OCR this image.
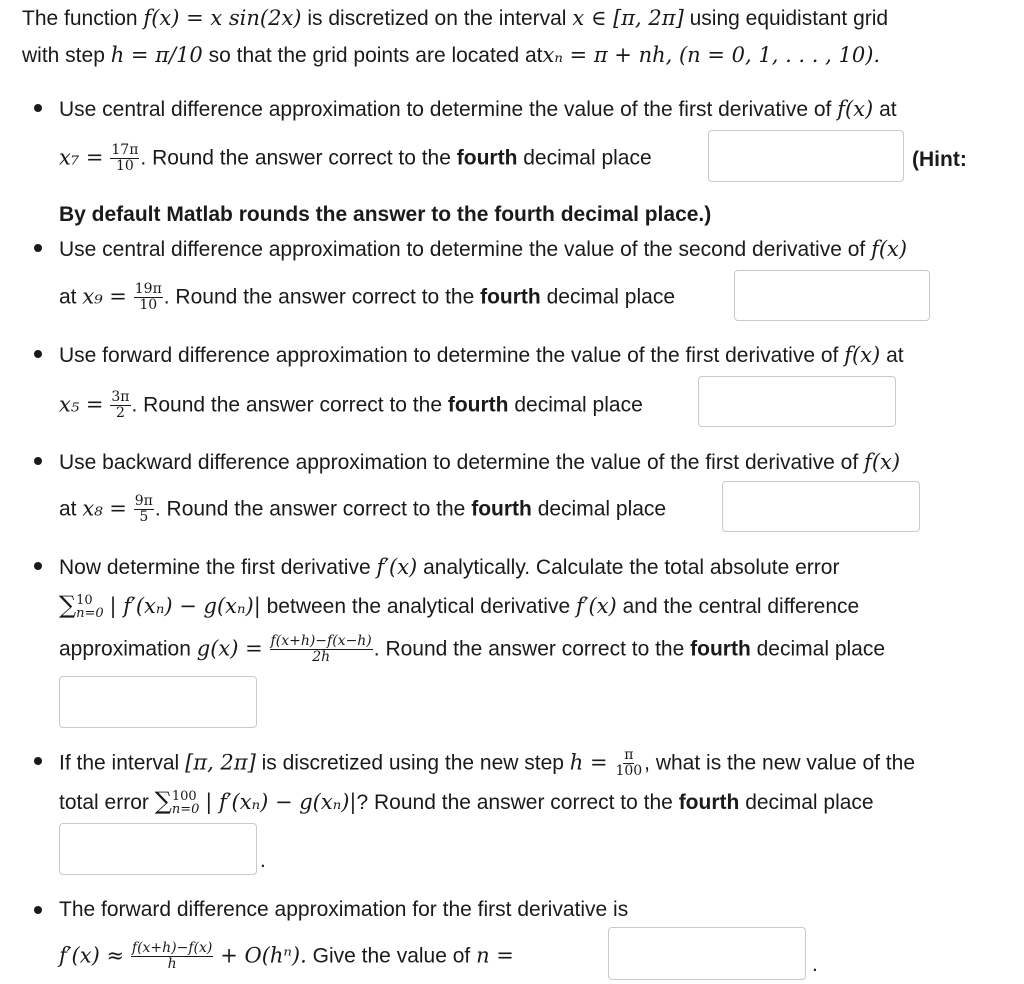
The function f(x) = x sin(2x) is discretized on the interval x ∈ [π, 2π] using equidistant grid
with step h = π/10 so that the grid points are located atxₙ = π + nh, (n = 0, 1, . . . , 10).
Use central difference approximation to determine the value of the first derivative of f(x) at
$x_7 = \frac{17\pi}{10}$ . Round the answer correct to the fourth decimal place	(Hint:
By default Matlab rounds the answer to the fourth decimal place.)
Use central difference approximation to determine the value of the second derivative of f(x)
at $x_9 = \frac{19\pi}{10}$ . Round the answer correct to the fourth decimal place
Use forward difference approximation to determine the value of the first derivative of f(x) at
$x_5 = \frac{3\pi}{2}$ . Round the answer correct to the fourth decimal place
Use backward difference approximation to determine the value of the first derivative of f(x)
at $x_8 = \frac{9\pi}{5}$ . Round the answer correct to the fourth decimal place
Now determine the first derivative f′(x) analytically. Calculate the total absolute error
∑ 10
n=0 | f′(xₙ) − g(xₙ)| between the analytical derivative f′(x) and the central difference
approximation $g(x) = \frac{f(x+h)-f(x-h)}{2h}$ . Round the answer correct to the fourth decimal place
If the interval [π, 2π] is discretized using the new step $h = \frac{\pi}{100}$ , what is the new value of the
total error ∑ 100
n=0 | f′(xₙ) − g(xₙ)|? Round the answer correct to the fourth decimal place
.
The forward difference approximation for the first derivative is
$f'(x) \approx \frac{f(x+h)-f(x)}{h} + O(h^n)$. Give the value of n =	.
